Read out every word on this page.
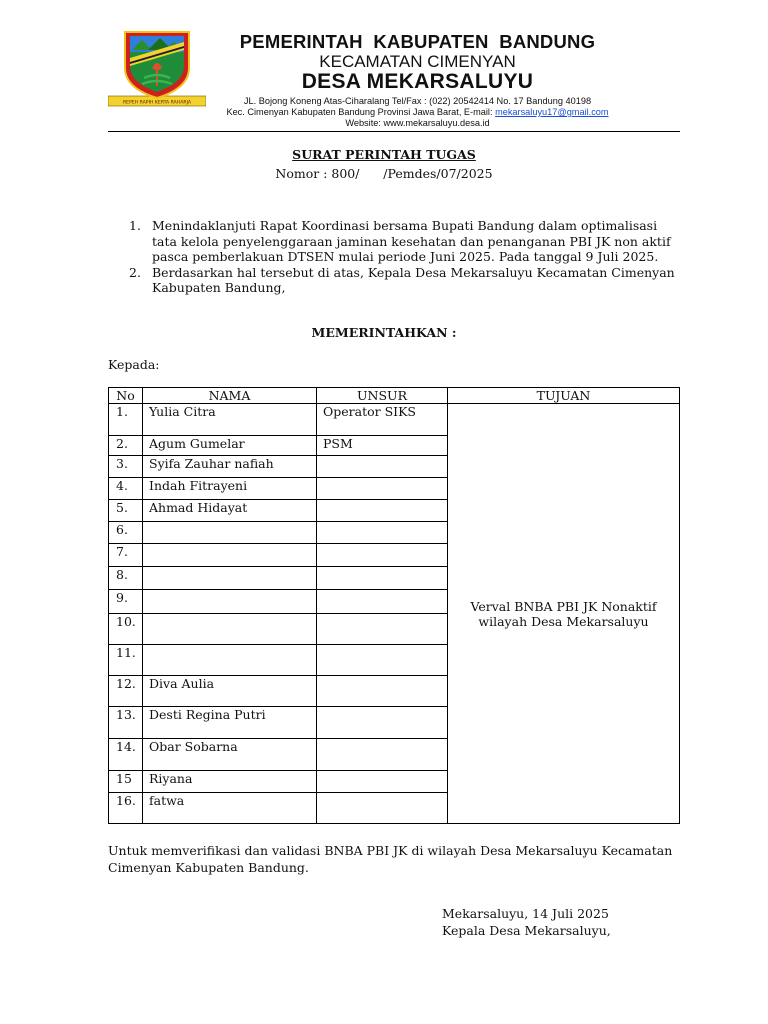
REPEH RAPIH KERTA RAHARJA
PEMERINTAH  KABUPATEN  BANDUNG
KECAMATAN CIMENYAN
DESA MEKARSALUYU
JL. Bojong Koneng Atas-Ciharalang Tel/Fax : (022) 20542414 No. 17 Bandung 40198
Kec. Cimenyan Kabupaten Bandung Provinsi Jawa Barat, E-mail: mekarsaluyu17@gmail.com
Website: www.mekarsaluyu.desa.id
SURAT PERINTAH TUGAS
Nomor : 800/      /Pemdes/07/2025
1. Menindaklanjuti Rapat Koordinasi bersama Bupati Bandung dalam optimalisasi tata kelola penyelenggaraan jaminan kesehatan dan penanganan PBI JK non aktif pasca pemberlakuan DTSEN mulai periode Juni 2025. Pada tanggal 9 Juli 2025.
2. Berdasarkan hal tersebut di atas, Kepala Desa Mekarsaluyu Kecamatan Cimenyan Kabupaten Bandung,
MEMERINTAHKAN :
Kepada:
No	NAMA	UNSUR	TUJUAN
1.	Yulia Citra	Operator SIKS	Verval BNBA PBI JK Nonaktif wilayah Desa Mekarsaluyu
2.	Agum Gumelar	PSM	
3.	Syifa Zauhar nafiah		
4.	Indah Fitrayeni		
5.	Ahmad Hidayat		
6.			
7.			
8.			
9.			
10.			
11.			
12.	Diva Aulia		
13.	Desti Regina Putri		
14.	Obar Sobarna		
15	Riyana		
16.	fatwa		
Untuk memverifikasi dan validasi BNBA PBI JK di wilayah Desa Mekarsaluyu Kecamatan Cimenyan Kabupaten Bandung.
Mekarsaluyu, 14 Juli 2025
Kepala Desa Mekarsaluyu,
